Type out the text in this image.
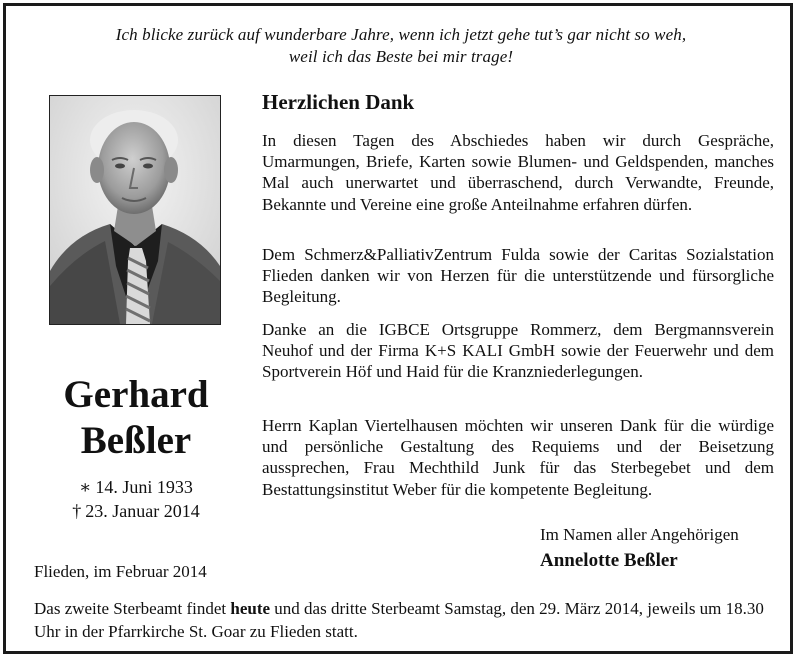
Ich blicke zurück auf wunderbare Jahre, wenn ich jetzt gehe tut’s gar nicht so weh,
weil ich das Beste bei mir trage!
Gerhard
Beßler
∗ 14. Juni 1933
† 23. Januar 2014
Herzlichen Dank
In diesen Tagen des Abschiedes haben wir durch Gespräche, Umarmungen, Briefe, Karten sowie Blumen- und Geldspenden, manches Mal auch unerwartet und überraschend, durch Verwandte, Freunde, Bekannte und Vereine eine große Anteilnahme erfahren dürfen.
Dem Schmerz&PalliativZentrum Fulda sowie der Caritas Sozialstation Flieden danken wir von Herzen für die unterstützende und fürsorgliche Begleitung.
Danke an die IGBCE Ortsgruppe Rommerz, dem Bergmannsverein Neuhof und der Firma K+S KALI GmbH sowie der Feuerwehr und dem Sportverein Höf und Haid für die Kranzniederlegungen.
Herrn Kaplan Viertelhausen möchten wir unseren Dank für die würdige und persönliche Gestaltung des Requiems und der Beisetzung aussprechen, Frau Mechthild Junk für das Sterbegebet und dem Bestattungsinstitut Weber für die kompetente Begleitung.
Im Namen aller Angehörigen
Annelotte Beßler
Flieden, im Februar 2014
Das zweite Sterbeamt findet heute und das dritte Sterbeamt Samstag, den 29. März 2014, jeweils um 18.30 Uhr in der Pfarrkirche St. Goar zu Flieden statt.
